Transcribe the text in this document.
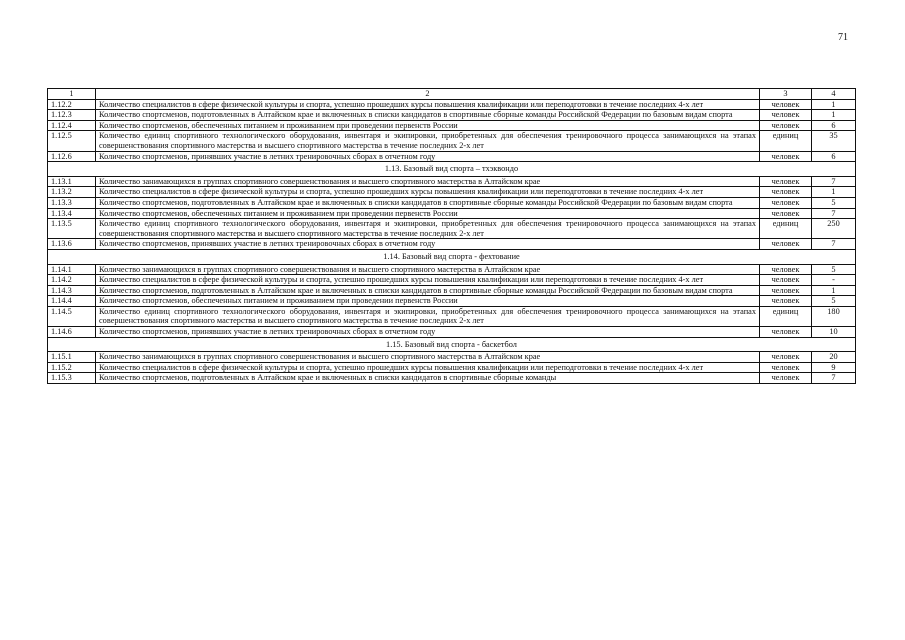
71
1	2	3	4
1.12.2	Количество специалистов в сфере физической культуры и спорта, успешно прошедших курсы повышения квалификации или переподготовки в течение последних 4-х лет	человек	1
1.12.3	Количество спортсменов, подготовленных в Алтайском крае и включенных в списки кандидатов в спортивные сборные команды Российской Федерации по базовым видам спорта	человек	1
1.12.4	Количество спортсменов, обеспеченных питанием и проживанием при проведении первенств России	человек	6
1.12.5	Количество единиц спортивного технологического оборудования, инвентаря и экипировки, приобретенных для обеспечения тренировочного процесса занимающихся на этапах совершенствования спортивного мастерства и высшего спортивного мастерства в течение последних 2-х лет	единиц	35
1.12.6	Количество спортсменов, принявших участие в летних тренировочных сборах в отчетном году	человек	6
1.13. Базовый вид спорта – тхэквондо			
1.13.1	Количество занимающихся в группах спортивного совершенствования и высшего спортивного мастерства в Алтайском крае	человек	7
1.13.2	Количество специалистов в сфере физической культуры и спорта, успешно прошедших курсы повышения квалификации или переподготовки в течение последних 4-х лет	человек	1
1.13.3	Количество спортсменов, подготовленных в Алтайском крае и включенных в списки кандидатов в спортивные сборные команды Российской Федерации по базовым видам спорта	человек	5
1.13.4	Количество спортсменов, обеспеченных питанием и проживанием при проведении первенств России	человек	7
1.13.5	Количество единиц спортивного технологического оборудования, инвентаря и экипировки, приобретенных для обеспечения тренировочного процесса занимающихся на этапах совершенствования спортивного мастерства и высшего спортивного мастерства в течение последних 2-х лет	единиц	250
1.13.6	Количество спортсменов, принявших участие в летних тренировочных сборах в отчетном году	человек	7
1.14. Базовый вид спорта - фехтование			
1.14.1	Количество занимающихся в группах спортивного совершенствования и высшего спортивного мастерства в Алтайском крае	человек	5
1.14.2	Количество специалистов в сфере физической культуры и спорта, успешно прошедших курсы повышения квалификации или переподготовки в течение последних 4-х лет	человек	-
1.14.3	Количество спортсменов, подготовленных в Алтайском крае и включенных в списки кандидатов в спортивные сборные команды Российской Федерации по базовым видам спорта	человек	1
1.14.4	Количество спортсменов, обеспеченных питанием и проживанием при проведении первенств России	человек	5
1.14.5	Количество единиц спортивного технологического оборудования, инвентаря и экипировки, приобретенных для обеспечения тренировочного процесса занимающихся на этапах совершенствования спортивного мастерства и высшего спортивного мастерства в течение последних 2-х лет	единиц	180
1.14.6	Количество спортсменов, принявших участие в летних тренировочных сборах в отчетном году	человек	10
1.15. Базовый вид спорта - баскетбол			
1.15.1	Количество занимающихся в группах спортивного совершенствования и высшего спортивного мастерства в Алтайском крае	человек	20
1.15.2	Количество специалистов в сфере физической культуры и спорта, успешно прошедших курсы повышения квалификации или переподготовки в течение последних 4-х лет	человек	9
1.15.3	Количество спортсменов, подготовленных в Алтайском крае и включенных в списки кандидатов в спортивные сборные команды	человек	7
